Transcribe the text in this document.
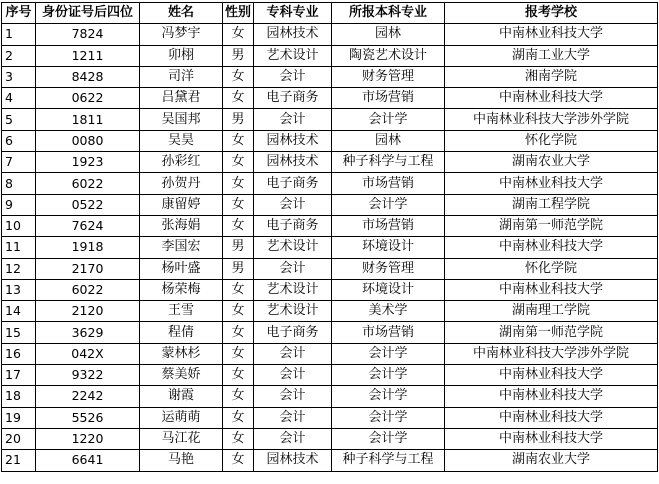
序号	身份证号后四位	姓名	性别	专科专业	所报本科专业	报考学校
1	7824	冯梦宇	女	园林技术	园林	中南林业科技大学
2	1211	卯栩	男	艺术设计	陶瓷艺术设计	湖南工业大学
3	8428	司洋	女	会计	财务管理	湘南学院
4	0622	吕黛君	女	电子商务	市场营销	中南林业科技大学
5	1811	吴国邦	男	会计	会计学	中南林业科技大学涉外学院
6	0080	吴昊	女	园林技术	园林	怀化学院
7	1923	孙彩红	女	园林技术	种子科学与工程	湖南农业大学
8	6022	孙贺丹	女	电子商务	市场营销	中南林业科技大学
9	0522	康留婷	女	会计	会计学	湖南工程学院
10	7624	张海娟	女	电子商务	市场营销	湖南第一师范学院
11	1918	李国宏	男	艺术设计	环境设计	中南林业科技大学
12	2170	杨叶盛	男	会计	财务管理	怀化学院
13	6022	杨荣梅	女	艺术设计	环境设计	中南林业科技大学
14	2120	王雪	女	艺术设计	美术学	湖南理工学院
15	3629	程倩	女	电子商务	市场营销	湖南第一师范学院
16	042X	蒙林杉	女	会计	会计学	中南林业科技大学涉外学院
17	9322	蔡美娇	女	会计	会计学	中南林业科技大学
18	2242	谢霞	女	会计	会计学	中南林业科技大学
19	5526	运萌萌	女	会计	会计学	中南林业科技大学
20	1220	马江花	女	会计	会计学	中南林业科技大学
21	6641	马艳	女	园林技术	种子科学与工程	湖南农业大学
